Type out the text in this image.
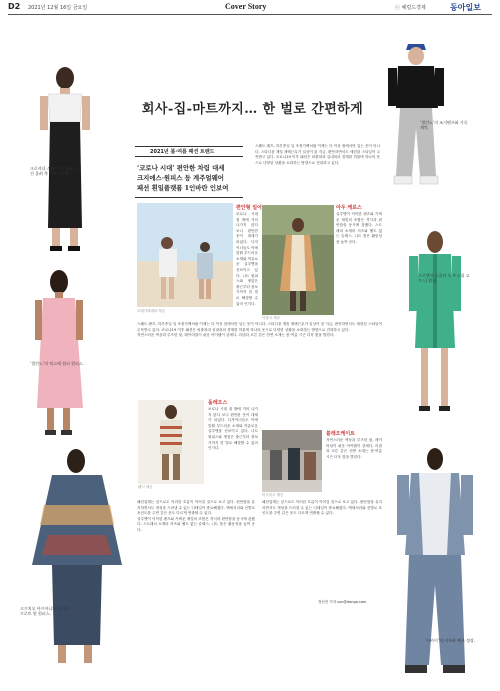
D2 2021년 12월 16일 금요일	Cover Story	ⓒ 헤럴드경제	동아일보
회사-집-마트까지… 한 벌로 간편하게
2021년 봄·여름 패션 트렌드
‘코로나 시대’ 편안한 차림 대세
크지에스·원피스 등 계주얼웨어
패션 흰일플랫폼 1인바란 인보여

스웨트 팬츠, 하루종일 일 조정가팩처럼 이제는 더 이상 집에서만 입는 옷이 아니다. 스타디움 재킷 재택근무가 일상이 된 지금, 편안하면서도 세련된 스타일이 주목받고 있다. 코로나19 이후 패션은 외출복과 실내복의 경계를 허물며 하나의 옷으로 다양한 상황을 소화하는 방향으로 진화하고 있다.

보테가베네타 제공
편안형 일어

보로나 시대 집 밖에 거의 나가지 않다 보니 편안한 옷이 대세가 되었다. 디자이너들도 이에 맞춰 부드러운 소재와 여유로운 실루엣을 선보이고 있다. 니트 원피스와 셋업은 출근부터 장보기까지 한 벌로 해결할 수 있어 인기다.

지방시 제공
아우 케로스

실루엣이 넉넉한 팬츠와 가벼운 재킷의 조합은 격식과 편안함을 동시에 갖췄다. 스트레치 소재의 셔츠와 벨트 없는 슬랙스, 니트 톱은 활동성을 높여 준다.

스웨트 팬츠, 하루종일 일 조정가팩처럼 이제는 더 이상 집에서만 입는 옷이 아니다. 스타디움 재킷 재택근무가 일상이 된 지금, 편안하면서도 세련된 스타일이 주목받고 있다. 코로나19 이후 패션은 외출복과 실내복의 경계를 허물며 하나의 옷으로 다양한 상황을 소화하는 방향으로 진화하고 있다.

자연스러운 색상과 루즈한 핏, 레이어링이 쉬운 아이템이 강세다. 리넨과 코튼 같은 천연 소재는 봄·여름 시즌 더욱 빛을 발한다.

펜디 제공
돌레오스

보로나 시대 집 밖에 거의 나가지 않다 보니 편안한 옷이 대세가 되었다. 디자이너들도 이에 맞춰 부드러운 소재와 여유로운 실루엣을 선보이고 있다. 니트 원피스와 셋업은 출근부터 장보기까지 한 벌로 해결할 수 있어 인기다.

미우미우 제공
블래오케이트

자연스러운 색상과 루즈한 핏, 레이어링이 쉬운 아이템이 강세다. 리넨과 코튼 같은 천연 소재는 봄·여름 시즌 더욱 빛을 발한다.

패션업계는 앞으로도 이러한 흐름이 이어질 것으로 보고 있다. 편안함을 유지하면서도 개성을 드러낼 수 있는 디테일이 중요해졌다. 액세서리와 신발로 포인트를 주면 같은 옷도 다르게 연출할 수 있다.

실루엣이 넉넉한 팬츠와 가벼운 재킷의 조합은 격식과 편안함을 동시에 갖췄다. 스트레치 소재의 셔츠와 벨트 없는 슬랙스, 니트 톱은 활동성을 높여 준다.

패션업계는 앞으로도 이러한 흐름이 이어질 것으로 보고 있다. 편안함을 유지하면서도 개성을 드러낼 수 있는 디테일이 중요해졌다. 액세서리와 신발로 포인트를 주면 같은 옷도 다르게 연출할 수 있다.

정선진 기자 sun@donga.com
크로셔다 스웨어 덧 원피스 질건 올려 축 가부 스커트.
‘셀린느’의 틱스에 원피 원피스.
크프치오 아프아니의 플리어 프로트 원 원피스.
‘셀린느’의 조거팬츠와 가죽재킷.
프로엔자 스쿨러 도 뜨스필 고프 니 원피.
‘사카이’의 셔츠와 팬츠 정장.
